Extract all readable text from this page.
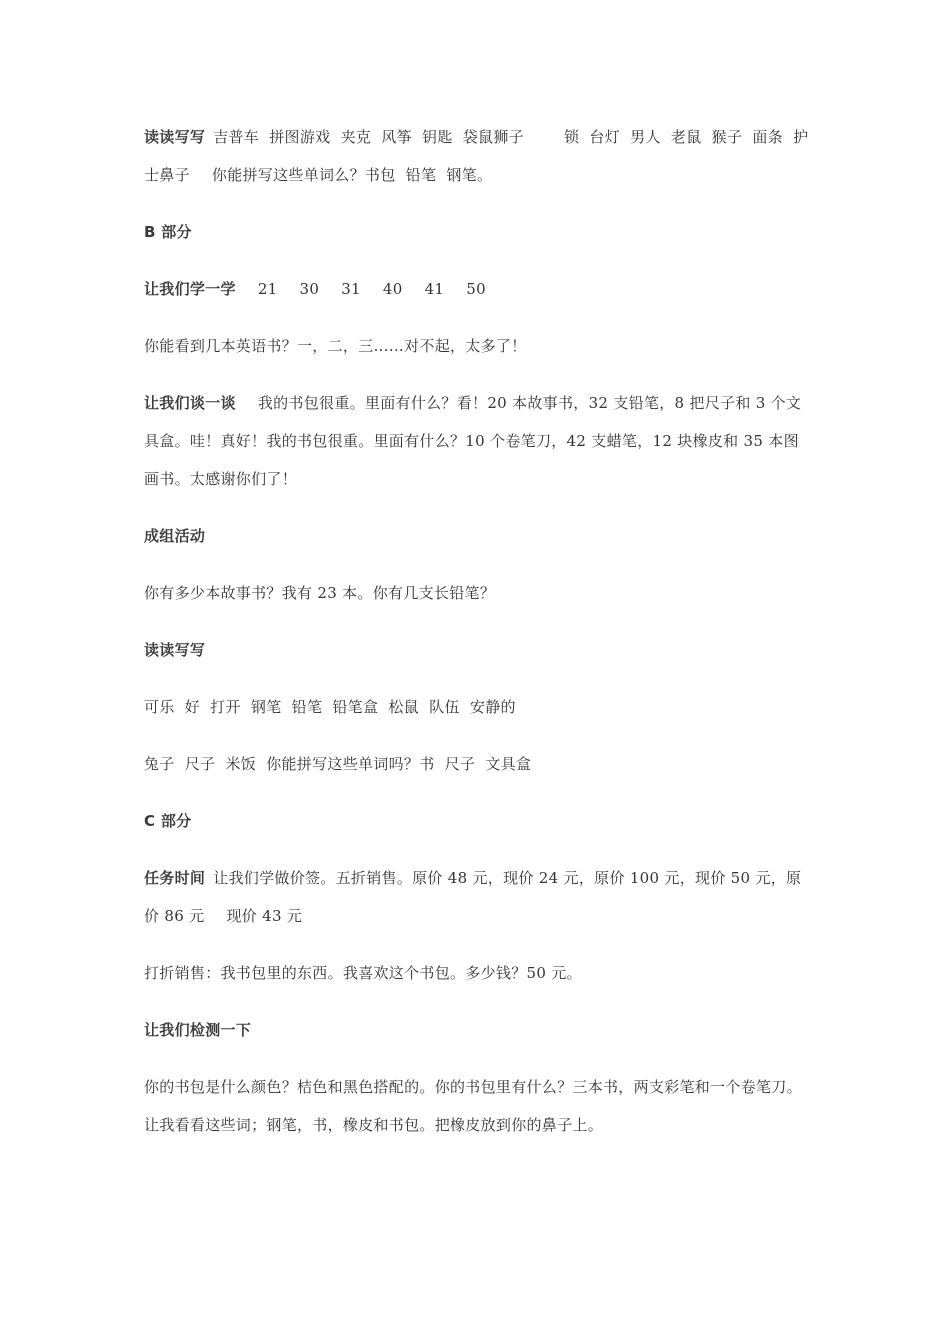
读读写写 吉普车  拼图游戏  夹克  风筝  钥匙  袋鼠狮子	锁  台灯  男人  老鼠  猴子  面条  护士鼻子 你能拼写这些单词么？书包  铅笔  钢笔。

B 部分

让我们学一学 21 30 31 40 41 50

你能看到几本英语书？一，二，三……对不起，太多了！

让我们谈一谈 我的书包很重。里面有什么？看！20 本故事书，32 支铅笔，8 把尺子和 3 个文具盒。哇！真好！我的书包很重。里面有什么？10 个卷笔刀，42 支蜡笔，12 块橡皮和 35 本图画书。太感谢你们了！

成组活动

你有多少本故事书？我有 23 本。你有几支长铅笔？

读读写写

可乐  好  打开  钢笔  铅笔  铅笔盒  松鼠  队伍  安静的

兔子  尺子  米饭  你能拼写这些单词吗？书  尺子  文具盒

C 部分

任务时间 让我们学做价签。五折销售。原价 48 元，现价 24 元，原价 100 元，现价 50 元，原价 86 元 现价 43 元

打折销售：我书包里的东西。我喜欢这个书包。多少钱？50 元。

让我们检测一下

你的书包是什么颜色？桔色和黑色搭配的。你的书包里有什么？三本书，两支彩笔和一个卷笔刀。让我看看这些词；钢笔，书，橡皮和书包。把橡皮放到你的鼻子上。
